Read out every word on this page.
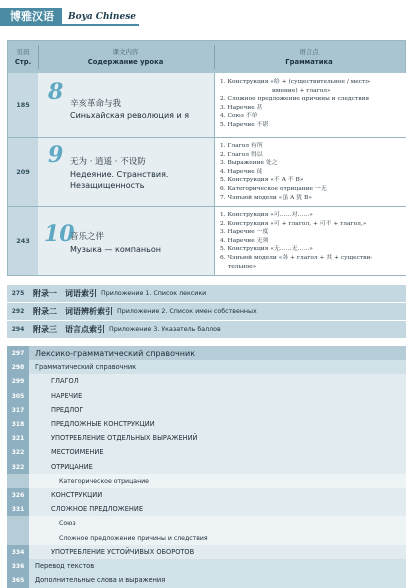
博雅汉语	Boya Chinese
页码
Стр.
课文内容
Содержание урока
语言点
Грамматика
185 8 辛亥革命与我
Синьхайская революция и я
1. Конструкция «给 + (существительное / место-
имение) + глагол»
2. Сложное предложение причины и следствия
3. Наречие 甚
4. Союз 不单
5. Наречие 不堪
209
9 无为 · 逍遥 · 不设防
Недеяние. Странствия. Незащищенность
1. Глагол 有所
2. Глагол 得以
3. Выражение 处之
4. Наречие 徒
5. Конструкция «不 A 不 B»
6. Категорическое отрицание 一无
7. Чэнъюй модели «虽 A 犹 B»
243 10
音乐之伴
Музыка — компаньон
1. Конструкция «可……对……»
2. Конструкция «可 + глагол, + 可不 + глагол,»
3. Наречие 一度
4. Наречие 无须
5. Конструкция «无……无……»
6. Чэнъюй модели «各 + глагол + 其 + существи-
тельное»
275	附录一 词语索引 Приложение 1. Список лексики
292	附录二 词语辨析索引 Приложение 2. Список имен собственных
294	附录三 语言点索引 Приложение 3. Указатель баллов
297	Лексико-грамматический справочник
298	Грамматический справочник
299	ГЛАГОЛ
305	НАРЕЧИЕ
317	ПРЕДЛОГ
318	ПРЕДЛОЖНЫЕ КОНСТРУКЦИИ
321	УПОТРЕБЛЕНИЕ ОТДЕЛЬНЫХ ВЫРАЖЕНИЙ
322	МЕСТОИМЕНИЕ
322	ОТРИЦАНИЕ
Категорическое отрицание
326	КОНСТРУКЦИИ
331	СЛОЖНОЕ ПРЕДЛОЖЕНИЕ
Союз
Сложное предложение причины и следствия
334	УПОТРЕБЛЕНИЕ УСТОЙЧИВЫХ ОБОРОТОВ
336	Перевод текстов
365	Дополнительные слова и выражения
